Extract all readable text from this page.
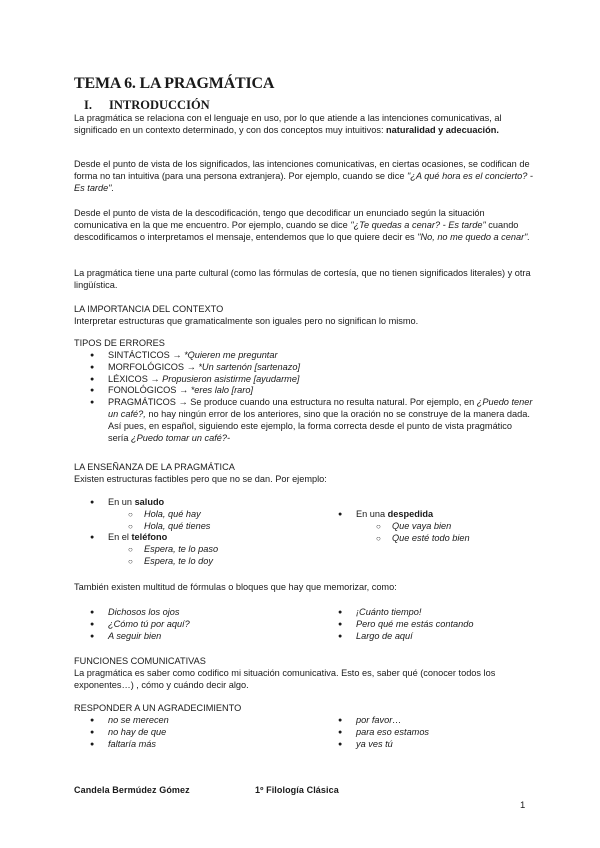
TEMA 6. LA PRAGMÁTICA
I. INTRODUCCIÓN
La pragmática se relaciona con el lenguaje en uso, por lo que atiende a las intenciones comunicativas, al significado en un contexto determinado, y con dos conceptos muy intuitivos: naturalidad y adecuación.
Desde el punto de vista de los significados, las intenciones comunicativas, en ciertas ocasiones, se codifican de forma no tan intuitiva (para una persona extranjera). Por ejemplo, cuando se dice "¿A qué hora es el concierto? - Es tarde".
Desde el punto de vista de la descodificación, tengo que decodificar un enunciado según la situación comunicativa en la que me encuentro. Por ejemplo, cuando se dice "¿Te quedas a cenar? - Es tarde" cuando descodificamos o interpretamos el mensaje, entendemos que lo que quiere decir es "No, no me quedo a cenar".
La pragmática tiene una parte cultural (como las fórmulas de cortesía, que no tienen significados literales) y otra lingüística.
LA IMPORTANCIA DEL CONTEXTO
Interpretar estructuras que gramaticalmente son iguales pero no significan lo mismo.
TIPOS DE ERRORES
● SINTÁCTICOS → *Quieren me preguntar
● MORFOLÓGICOS → *Un sartenón [sartenazo]
● LÉXICOS → Propusieron asistirme [ayudarme]
● FONOLÓGICOS → *eres lalo [raro]
● PRAGMÁTICOS → Se produce cuando una estructura no resulta natural. Por ejemplo, en ¿Puedo tener un café?, no hay ningún error de los anteriores, sino que la oración no se construye de la manera dada. Así pues, en español, siguiendo este ejemplo, la forma correcta desde el punto de vista pragmático sería ¿Puedo tomar un café?-
LA ENSEÑANZA DE LA PRAGMÁTICA
Existen estructuras factibles pero que no se dan. Por ejemplo:
● En un saludo
○ Hola, qué hay
○ Hola, qué tienes
● En el teléfono
○ Espera, te lo paso
○ Espera, te lo doy
● En una despedida
○ Que vaya bien
○ Que esté todo bien
También existen multitud de fórmulas o bloques que hay que memorizar, como:
● Dichosos los ojos
● ¿Cómo tú por aquí?
● A seguir bien
● ¡Cuánto tiempo!
● Pero qué me estás contando
● Largo de aquí
FUNCIONES COMUNICATIVAS
La pragmática es saber como codifico mi situación comunicativa. Esto es, saber qué (conocer todos los exponentes…) , cómo y cuándo decir algo.
RESPONDER A UN AGRADECIMIENTO
● no se merecen
● no hay de que
● faltaría más
● por favor…
● para eso estamos
● ya ves tú
Candela Bermúdez Gómez	1º Filología Clásica
1
